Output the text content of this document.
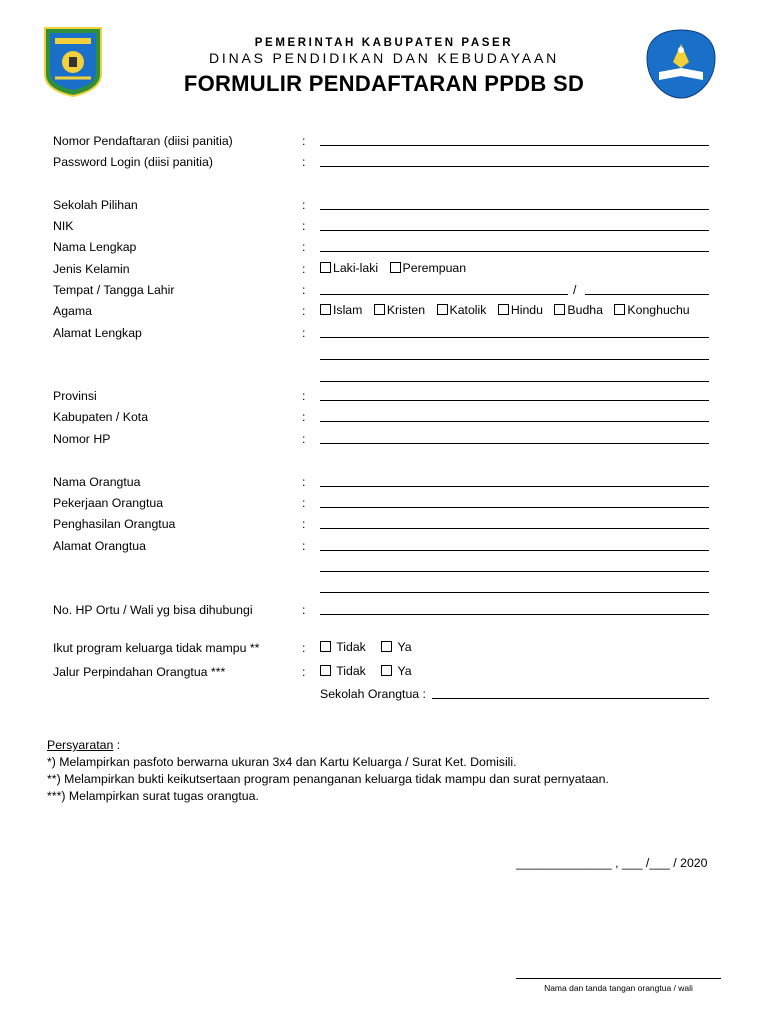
PEMERINTAH KABUPATEN PASER
DINAS PENDIDIKAN DAN KEBUDAYAAN
FORMULIR PENDAFTARAN PPDB SD
Nomor Pendaftaran (diisi panitia)	:
Password Login (diisi panitia)	:
Sekolah Pilihan	:
NIK	:
Nama Lengkap	:
Jenis Kelamin	:	Laki-laki Perempuan
Tempat / Tangga Lahir	:	/
Agama	:	Islam Kristen Katolik Hindu Budha Konghuchu
Alamat Lengkap	:
Provinsi	:
Kabupaten / Kota	:
Nomor HP	:
Nama Orangtua	:
Pekerjaan Orangtua	:
Penghasilan Orangtua	:
Alamat Orangtua	:
No. HP Ortu / Wali yg bisa dihubungi	:
Ikut program keluarga tidak mampu **	:	Tidak	Ya
Jalur Perpindahan Orangtua ***	:	Tidak	Ya
Sekolah Orangtua :
Persyaratan :
*) Melampirkan pasfoto berwarna ukuran 3x4 dan Kartu Keluarga / Surat Ket. Domisili.
**) Melampirkan bukti keikutsertaan program penanganan keluarga tidak mampu dan surat pernyataan.
***) Melampirkan surat tugas orangtua.
______________ , ___ /___ / 2020
Nama dan tanda tangan orangtua / wali
